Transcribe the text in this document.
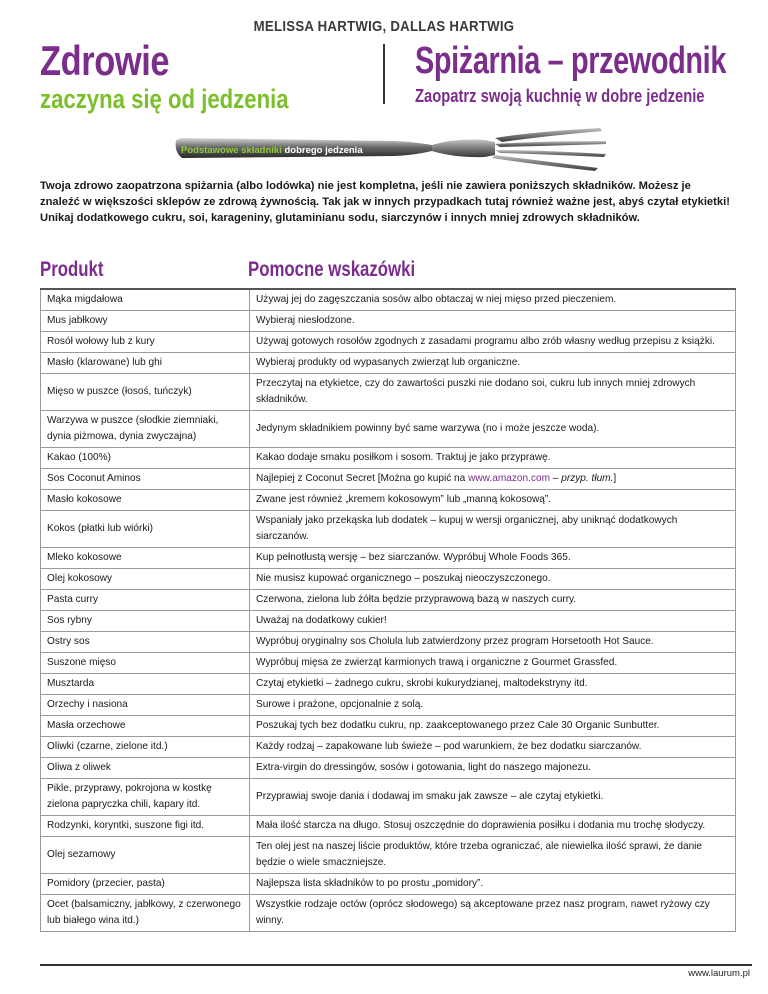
MELISSA HARTWIG, DALLAS HARTWIG
Zdrowie
zaczyna się od jedzenia
Spiżarnia – przewodnik
Zaopatrz swoją kuchnię w dobre jedzenie
Podstawowe składniki dobrego jedzenia
Twoja zdrowo zaopatrzona spiżarnia (albo lodówka) nie jest kompletna, jeśli nie zawiera poniższych składników. Możesz je znaleźć w większości sklepów ze zdrową żywnością. Tak jak w innych przypadkach tutaj również ważne jest, abyś czytał etykietki! Unikaj dodatkowego cukru, soi, karageniny, glutaminianu sodu, siarczynów i innych mniej zdrowych składników.
Produkt	Pomocne wskazówki
Mąka migdałowa	Używaj jej do zagęszczania sosów albo obtaczaj w niej mięso przed pieczeniem.
Mus jabłkowy	Wybieraj niesłodzone.
Rosół wołowy lub z kury	Używaj gotowych rosołów zgodnych z zasadami programu albo zrób własny według przepisu z książki.
Masło (klarowane) lub ghi	Wybieraj produkty od wypasanych zwierząt lub organiczne.
Mięso w puszce (łosoś, tuńczyk)	Przeczytaj na etykietce, czy do zawartości puszki nie dodano soi, cukru lub innych mniej zdrowych składników.
Warzywa w puszce (słodkie ziemniaki, dynia piżmowa, dynia zwyczajna)	Jedynym składnikiem powinny być same warzywa (no i może jeszcze woda).
Kakao (100%)	Kakao dodaje smaku posiłkom i sosom. Traktuj je jako przyprawę.
Sos Coconut Aminos	Najlepiej z Coconut Secret [Można go kupić na www.amazon.com – przyp. tłum.]
Masło kokosowe	Zwane jest również „kremem kokosowym” lub „manną kokosową”.
Kokos (płatki lub wiórki)	Wspaniały jako przekąska lub dodatek – kupuj w wersji organicznej, aby uniknąć dodatkowych siarczanów.
Mleko kokosowe	Kup pełnotłustą wersję – bez siarczanów. Wypróbuj Whole Foods 365.
Olej kokosowy	Nie musisz kupować organicznego – poszukaj nieoczyszczonego.
Pasta curry	Czerwona, zielona lub żółta będzie przyprawową bazą w naszych curry.
Sos rybny	Uważaj na dodatkowy cukier!
Ostry sos	Wypróbuj oryginalny sos Cholula lub zatwierdzony przez program Horsetooth Hot Sauce.
Suszone mięso	Wypróbuj mięsa ze zwierząt karmionych trawą i organiczne z Gourmet Grassfed.
Musztarda	Czytaj etykietki – żadnego cukru, skrobi kukurydzianej, maltodekstryny itd.
Orzechy i nasiona	Surowe i prażone, opcjonalnie z solą.
Masła orzechowe	Poszukaj tych bez dodatku cukru, np. zaakceptowanego przez Cale 30 Organic Sunbutter.
Oliwki (czarne, zielone itd.)	Każdy rodzaj – zapakowane lub świeże – pod warunkiem, że bez dodatku siarczanów.
Oliwa z oliwek	Extra-virgin do dressingów, sosów i gotowania, light do naszego majonezu.
Pikle, przyprawy, pokrojona w kostkę zielona papryczka chili, kapary itd.	Przyprawiaj swoje dania i dodawaj im smaku jak zawsze – ale czytaj etykietki.
Rodzynki, koryntki, suszone figi itd.	Mała ilość starcza na długo. Stosuj oszczędnie do doprawienia posiłku i dodania mu trochę słodyczy.
Olej sezamowy	Ten olej jest na naszej liście produktów, które trzeba ograniczać, ale niewielka ilość sprawi, że danie będzie o wiele smaczniejsze.
Pomidory (przecier, pasta)	Najlepsza lista składników to po prostu „pomidory”.
Ocet (balsamiczny, jabłkowy, z czerwonego lub białego wina itd.)	Wszystkie rodzaje octów (oprócz słodowego) są akceptowane przez nasz program, nawet ryżowy czy winny.
www.laurum.pl
